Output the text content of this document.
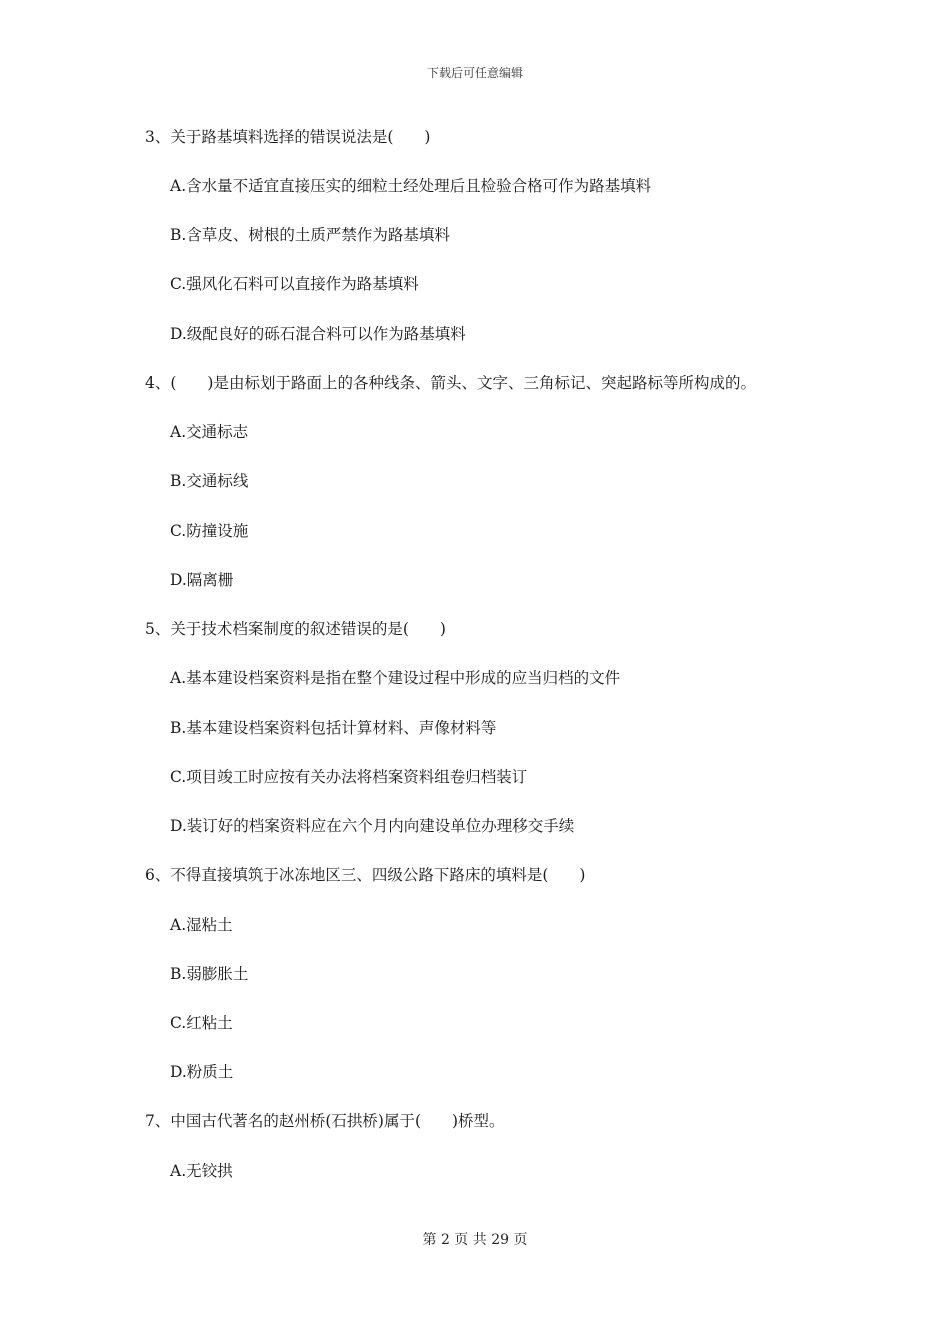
下载后可任意编辑
3、关于路基填料选择的错误说法是(　　)
A.含水量不适宜直接压实的细粒土经处理后且检验合格可作为路基填料
B.含草皮、树根的土质严禁作为路基填料
C.强风化石料可以直接作为路基填料
D.级配良好的砾石混合料可以作为路基填料
4、(　　)是由标划于路面上的各种线条、箭头、文字、三角标记、突起路标等所构成的。
A.交通标志
B.交通标线
C.防撞设施
D.隔离栅
5、关于技术档案制度的叙述错误的是(　　)
A.基本建设档案资料是指在整个建设过程中形成的应当归档的文件
B.基本建设档案资料包括计算材料、声像材料等
C.项目竣工时应按有关办法将档案资料组卷归档装订
D.装订好的档案资料应在六个月内向建设单位办理移交手续
6、不得直接填筑于冰冻地区三、四级公路下路床的填料是(　　)
A.湿粘土
B.弱膨胀土
C.红粘土
D.粉质土
7、中国古代著名的赵州桥(石拱桥)属于(　　)桥型。
A.无铰拱
第 2 页 共 29 页
